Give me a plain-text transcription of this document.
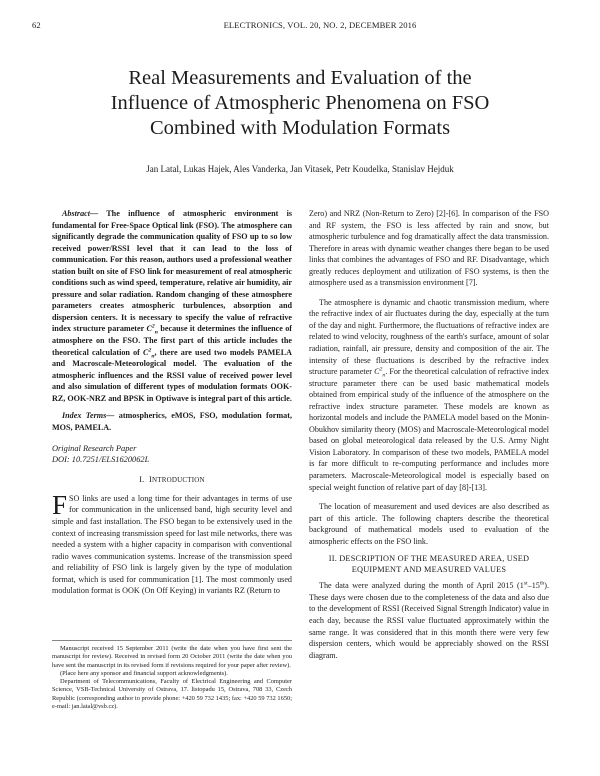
62	ELECTRONICS, VOL. 20, NO. 2, DECEMBER 2016
Real Measurements and Evaluation of the
Influence of Atmospheric Phenomena on FSO
Combined with Modulation Formats
Jan Latal, Lukas Hajek, Ales Vanderka, Jan Vitasek, Petr Koudelka, Stanislav Hejduk

Abstract— The influence of atmospheric environment is fundamental for Free-Space Optical link (FSO). The atmosphere can significantly degrade the communication quality of FSO up to so low received power/RSSI level that it can lead to the loss of communication. For this reason, authors used a professional weather station built on site of FSO link for measurement of real atmospheric conditions such as wind speed, temperature, relative air humidity, air pressure and solar radiation. Random changing of these atmosphere parameters creates atmospheric turbulences, absorption and dispersion centers. It is necessary to specify the value of refractive index structure parameter $C^2_n$ because it determines the influence of atmosphere on the FSO. The first part of this article includes the theoretical calculation of $C^2_n$, there are used two models PAMELA and Macroscale-Meteorological model. The evaluation of the atmospheric influences and the RSSI value of received power level and also simulation of different types of modulation formats OOK-RZ, OOK-NRZ and BPSK in Optiwave is integral part of this article.

Index Terms— atmospherics, eMOS, FSO, modulation format, MOS, PAMELA.

Original Research Paper
DOI: 10.7251/ELS1620062L

I. INTRODUCTION

FSO links are used a long time for their advantages in terms of use for communication in the unlicensed band, high security level and simple and fast installation. The FSO began to be extensively used in the context of increasing transmission speed for last mile networks, there was needed a system with a higher capacity in comparison with conventional radio waves communication systems. Increase of the transmission speed and reliability of FSO link is largely given by the type of modulation format, which is used for communication [1]. The most commonly used modulation format is OOK (On Off Keying) in variants RZ (Return to

Manuscript received 15 September 2011 (write the date when you have first sent the manuscript for review). Received in revised form 20 October 2011 (write the date when you have sent the manuscript in its revised form if revisions required for your paper after review).

(Place here any sponsor and financial support acknowledgments).

Department of Telecommunications, Faculty of Electrical Engineering and Computer Science, VSB-Technical University of Ostrava, 17. listopadu 15, Ostrava, 708 33, Czech Republic (corresponding author to provide phone: +420 59 732 1435; fax: +420 59 732 1650; e-mail: jan.latal@vsb.cz).

Zero) and NRZ (Non-Return to Zero) [2]-[6]. In comparison of the FSO and RF system, the FSO is less affected by rain and snow, but atmospheric turbulence and fog dramatically affect the data transmission. Therefore in areas with dynamic weather changes there began to be used links that combines the advantages of FSO and RF. Disadvantage, which greatly reduces deployment and utilization of FSO systems, is then the atmosphere used as a transmission environment [7].

The atmosphere is dynamic and chaotic transmission medium, where the refractive index of air fluctuates during the day, especially at the turn of the day and night. Furthermore, the fluctuations of refractive index are related to wind velocity, roughness of the earth's surface, amount of solar radiation, rainfall, air pressure, density and composition of the air. The intensity of these fluctuations is described by the refractive index structure parameter $C^2_n$. For the theoretical calculation of refractive index structure parameter there can be used basic mathematical models obtained from empirical study of the influence of the atmosphere on the refractive index structure parameter. These models are known as horizontal models and include the PAMELA model based on the Monin-Obukhov similarity theory (MOS) and Macroscale-Meteorological model based on global meteorological data released by the U.S. Army Night Vision Laboratory. In comparison of these two models, PAMELA model is far more difficult to re-computing performance and includes more parameters. Macroscale-Meteorological model is especially based on special weight function of relative part of day [8]-[13].

The location of measurement and used devices are also described as part of this article. The following chapters describe the theoretical background of mathematical models used to evaluation of the atmospheric effects on the FSO link.

II. DESCRIPTION OF THE MEASURED AREA, USED
EQUIPMENT AND MEASURED VALUES

The data were analyzed during the month of April 2015 (1st–15th). These days were chosen due to the completeness of the data and also due to the development of RSSI (Received Signal Strength Indicator) value in each day, because the RSSI value fluctuated approximately within the same range. It was considered that in this month there were very few dispersion centers, which would be appreciably showed on the RSSI diagram.
